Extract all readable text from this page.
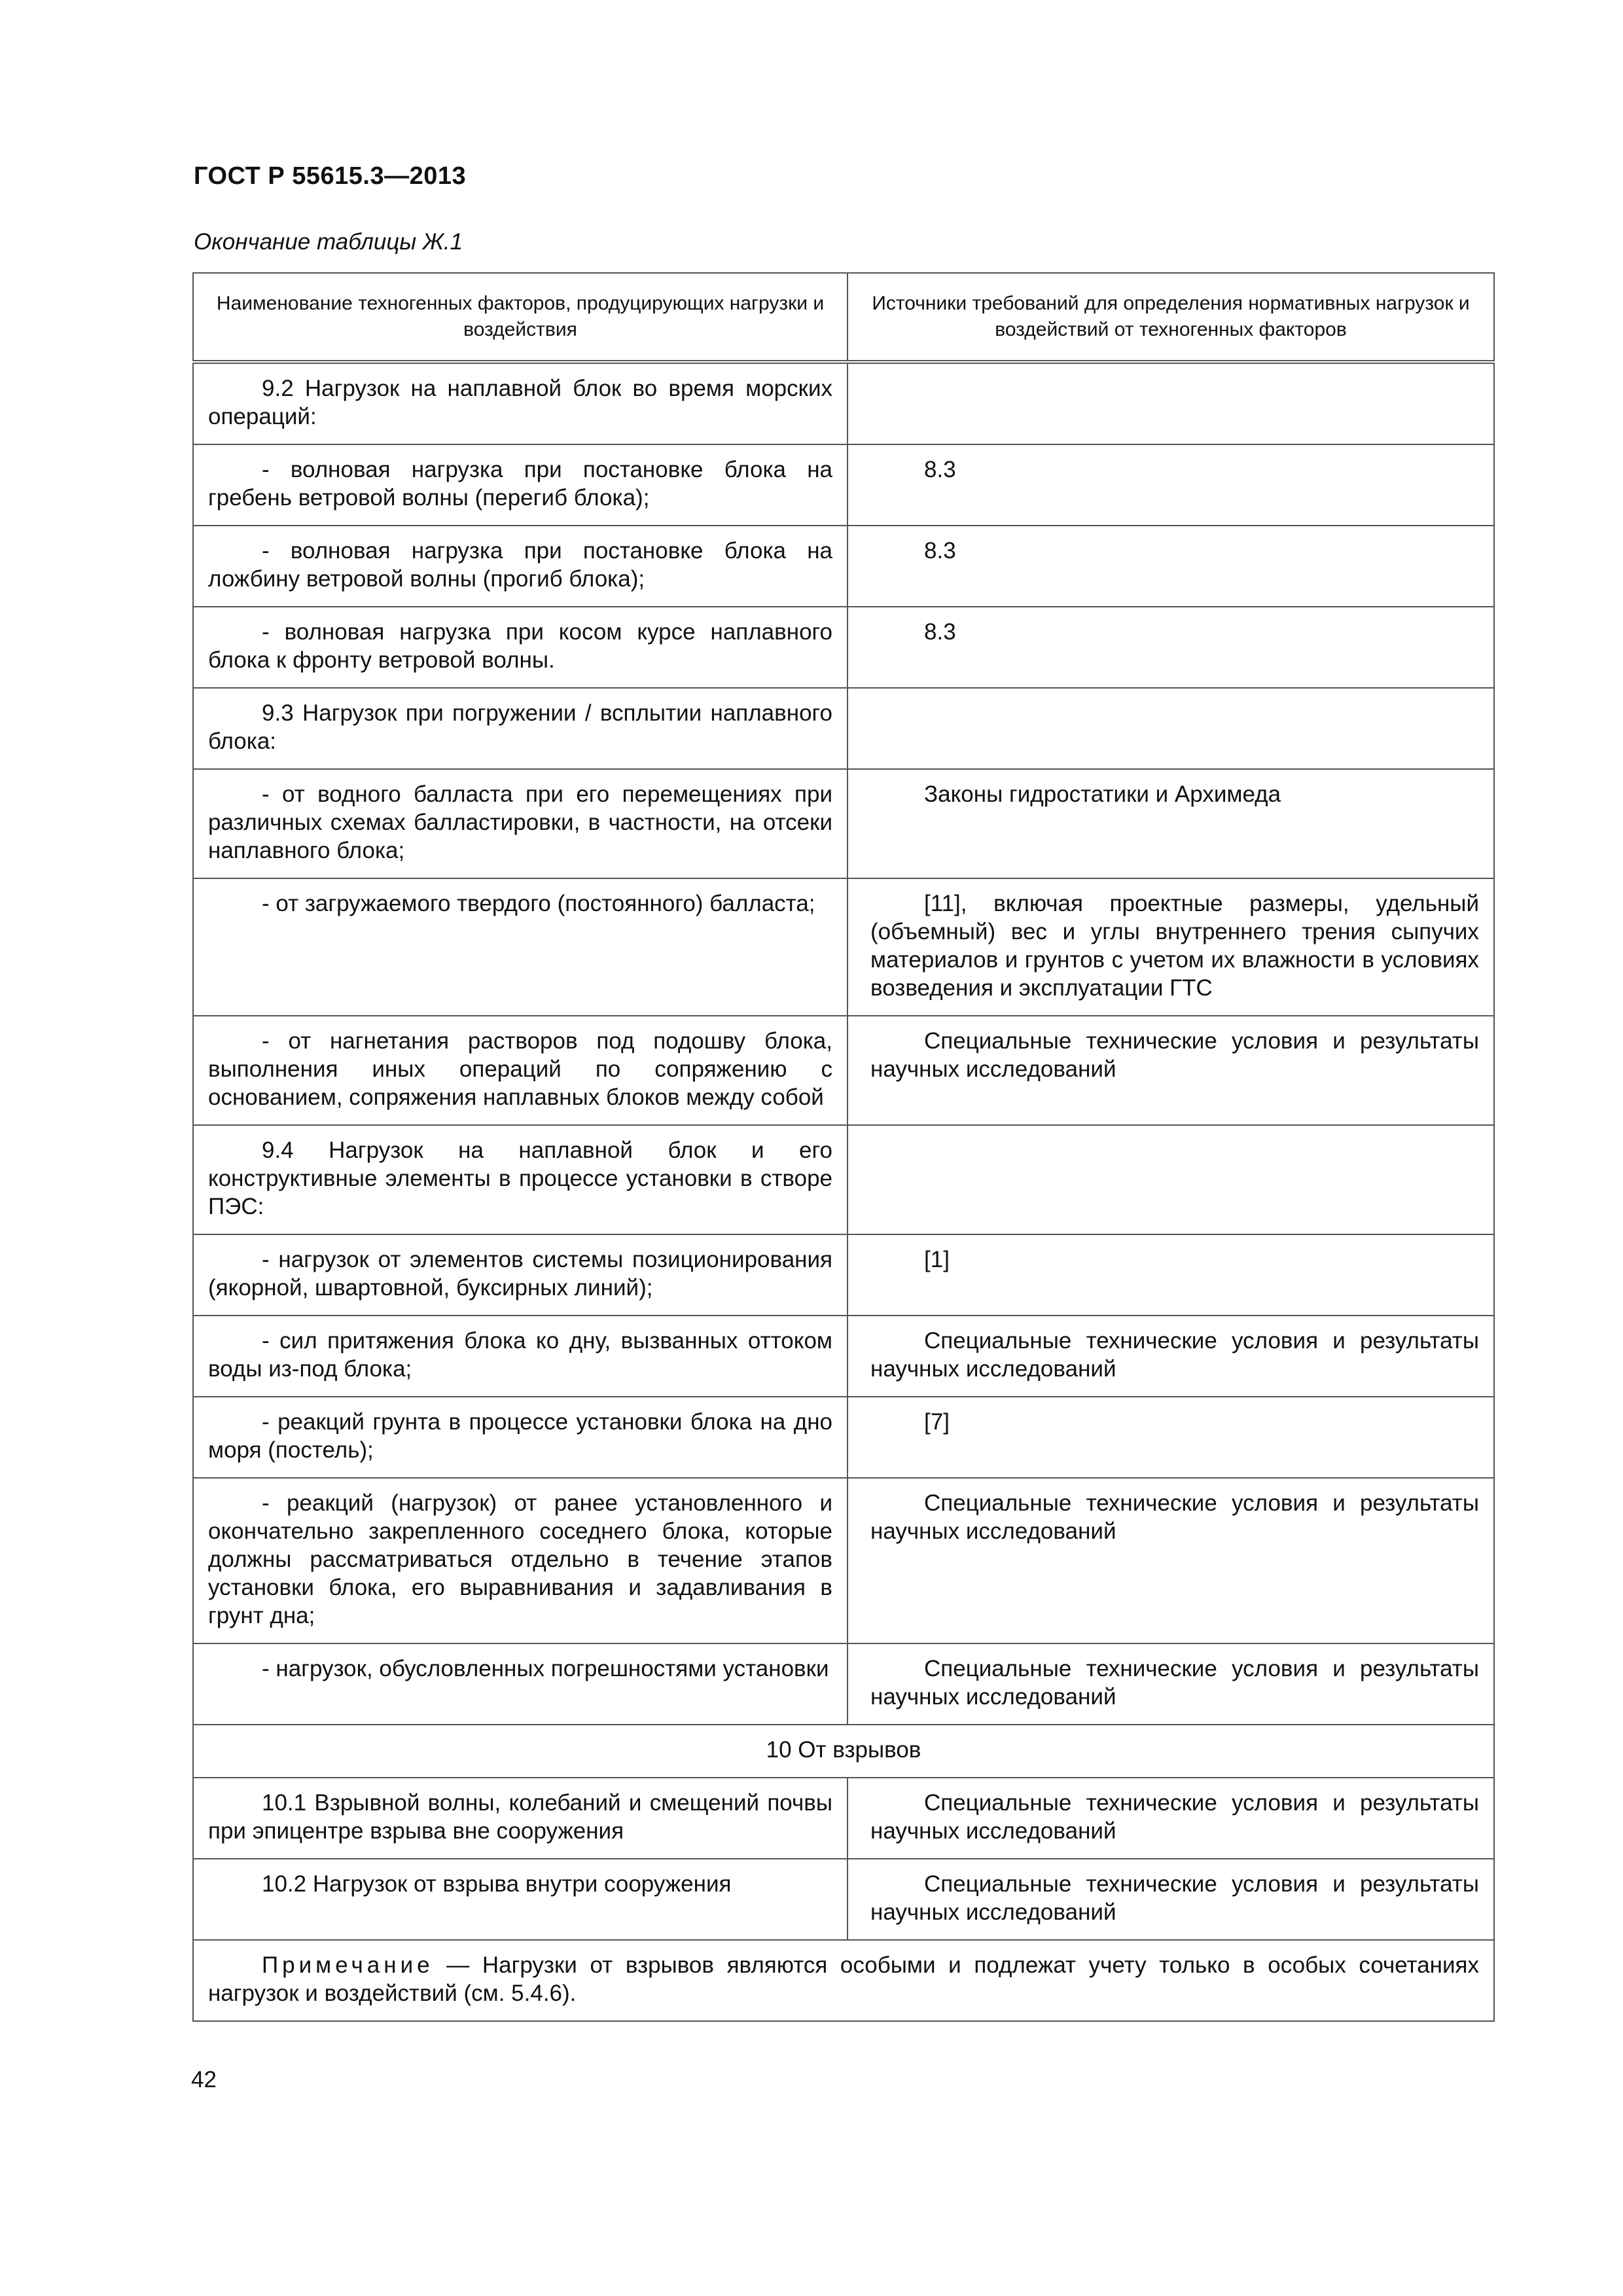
ГОСТ Р 55615.3—2013
Окончание таблицы Ж.1
Наименование техногенных факторов, продуцирующих нагрузки и воздействия	Источники требований для определения нормативных нагрузок и воздействий от техногенных факторов
9.2 Нагрузок на наплавной блок во время морских операций:	
- волновая нагрузка при постановке блока на гребень ветровой волны (перегиб блока);	8.3
- волновая нагрузка при постановке блока на ложбину ветровой волны (прогиб блока);	8.3
- волновая нагрузка при косом курсе наплавного блока к фронту ветровой волны.	8.3
9.3 Нагрузок при погружении / всплытии наплавного блока:	
- от водного балласта при его перемещениях при различных схемах балластировки, в частности, на отсеки наплавного блока;	Законы гидростатики и Архимеда
- от загружаемого твердого (постоянного) балласта;	[11], включая проектные размеры, удельный (объемный) вес и углы внутреннего трения сыпучих материалов и грунтов с учетом их влажности в условиях возведения и эксплуатации ГТС
- от нагнетания растворов под подошву блока, выполнения иных операций по сопряжению с основанием, сопряжения наплавных блоков между собой	Специальные технические условия и результаты научных исследований
9.4 Нагрузок на наплавной блок и его конструктивные элементы в процессе установки в створе ПЭС:	
- нагрузок от элементов системы позиционирования (якорной, швартовной, буксирных линий);	[1]
- сил притяжения блока ко дну, вызванных оттоком воды из-под блока;	Специальные технические условия и результаты научных исследований
- реакций грунта в процессе установки блока на дно моря (постель);	[7]
- реакций (нагрузок) от ранее установленного и окончательно закрепленного соседнего блока, которые должны рассматриваться отдельно в течение этапов установки блока, его выравнивания и задавливания в грунт дна;	Специальные технические условия и результаты научных исследований
- нагрузок, обусловленных погрешностями установки	Специальные технические условия и результаты научных исследований
10 От взрывов	
10.1 Взрывной волны, колебаний и смещений почвы при эпицентре взрыва вне сооружения	Специальные технические условия и результаты научных исследований
10.2 Нагрузок от взрыва внутри сооружения	Специальные технические условия и результаты научных исследований
Примечание — Нагрузки от взрывов являются особыми и подлежат учету только в особых сочетаниях нагрузок и воздействий (см. 5.4.6).	
42
